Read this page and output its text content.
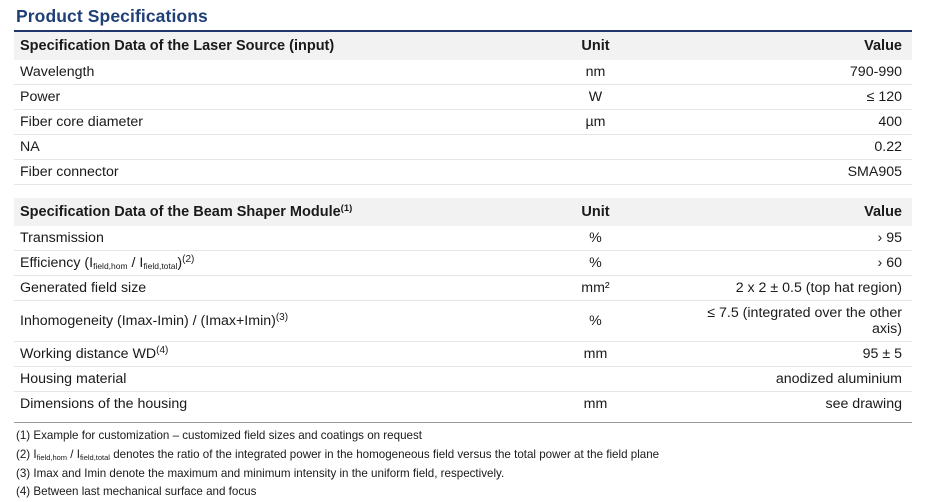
Product Specifications
Specification Data of the Laser Source (input)	Unit	Value
Wavelength	nm	790-990
Power	W	≤ 120
Fiber core diameter	µm	400
NA		0.22
Fiber connector		SMA905

Specification Data of the Beam Shaper Module$^{(1)}$	Unit	Value
Transmission	%	› 95
Efficiency $(I_{field,hom} / I_{field,total})^{(2)}$	%	› 60
Generated field size	mm²	2 x 2 ± 0.5 (top hat region)
Inhomogeneity (Imax-Imin) / (Imax+Imin)$^{(3)}$	%	≤ 7.5 (integrated over the other axis)
Working distance WD$^{(4)}$	mm	95 ± 5
Housing material		anodized aluminium
Dimensions of the housing	mm	see drawing
(1) Example for customization – customized field sizes and coatings on request
(2) $I_{field,hom} / I_{field,total}$ denotes the ratio of the integrated power in the homogeneous field versus the total power at the field plane
(3) Imax and Imin denote the maximum and minimum intensity in the uniform field, respectively.
(4) Between last mechanical surface and focus
